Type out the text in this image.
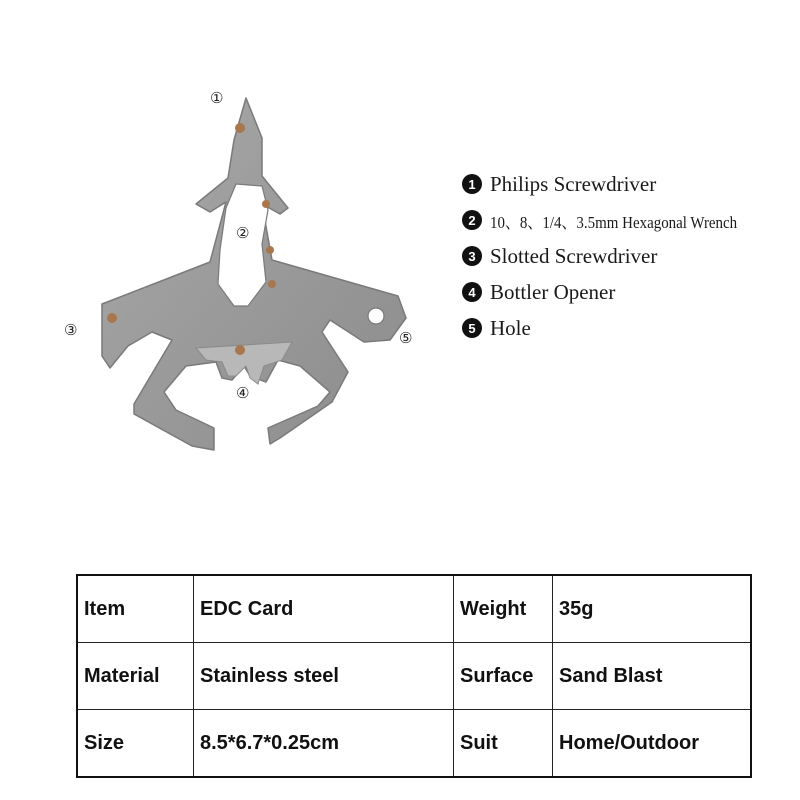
①
②
③
④
⑤
1 Philips Screwdriver
2 10、8、1/4、3.5mm Hexagonal Wrench
3 Slotted Screwdriver
4 Bottler Opener
5 Hole
Item	EDC Card	Weight	35g
Material	Stainless steel	Surface	Sand Blast
Size	8.5*6.7*0.25cm	Suit	Home/Outdoor
